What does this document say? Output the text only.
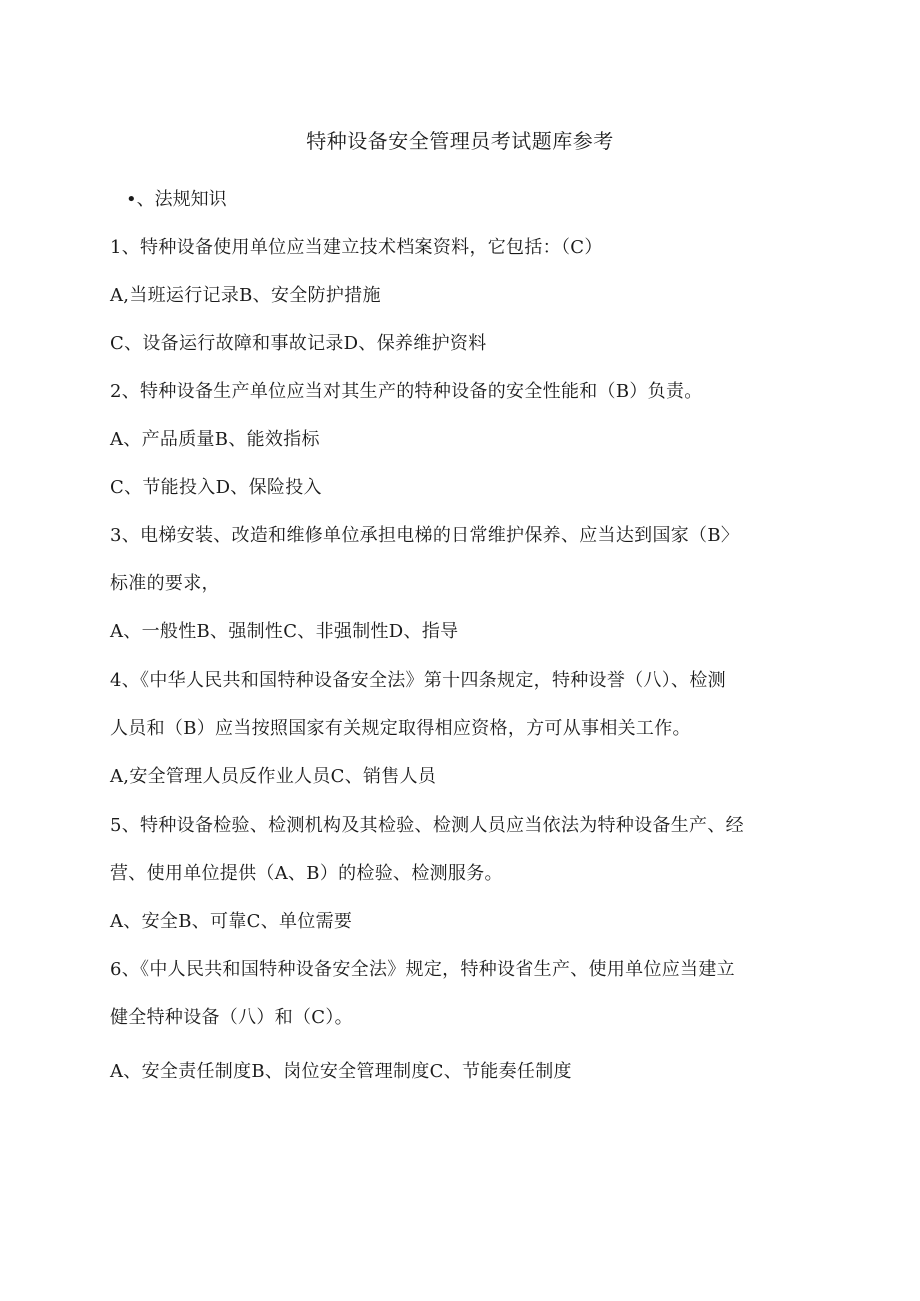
特种设备安全管理员考试题库参考
•、法规知识
1、特种设备使用单位应当建立技术档案资料，它包括：（C）
A,当班运行记录B、安全防护措施
C、设备运行故障和事故记录D、保养维护资料
2、特种设备生产单位应当对其生产的特种设备的安全性能和（B）负责。
A、产品质量B、能效指标
C、节能投入D、保险投入
3、电梯安装、改造和维修单位承担电梯的日常维护保养、应当达到国家（B〉
标准的要求，
A、一般性B、强制性C、非强制性D、指导
4、《中华人民共和国特种设备安全法》第十四条规定，特种设誉（八）、检测
人员和（B）应当按照国家有关规定取得相应资格，方可从事相关工作。
A,安全管理人员反作业人员C、销售人员
5、特种设备检验、检测机构及其检验、检测人员应当依法为特种设备生产、经
营、使用单位提供（A、B）的检验、检测服务。
A、安全B、可靠C、单位需要
6、《中人民共和国特种设备安全法》规定，特种设省生产、使用单位应当建立
健全特种设备（八）和（C）。
A、安全责任制度B、岗位安全管理制度C、节能奏任制度
